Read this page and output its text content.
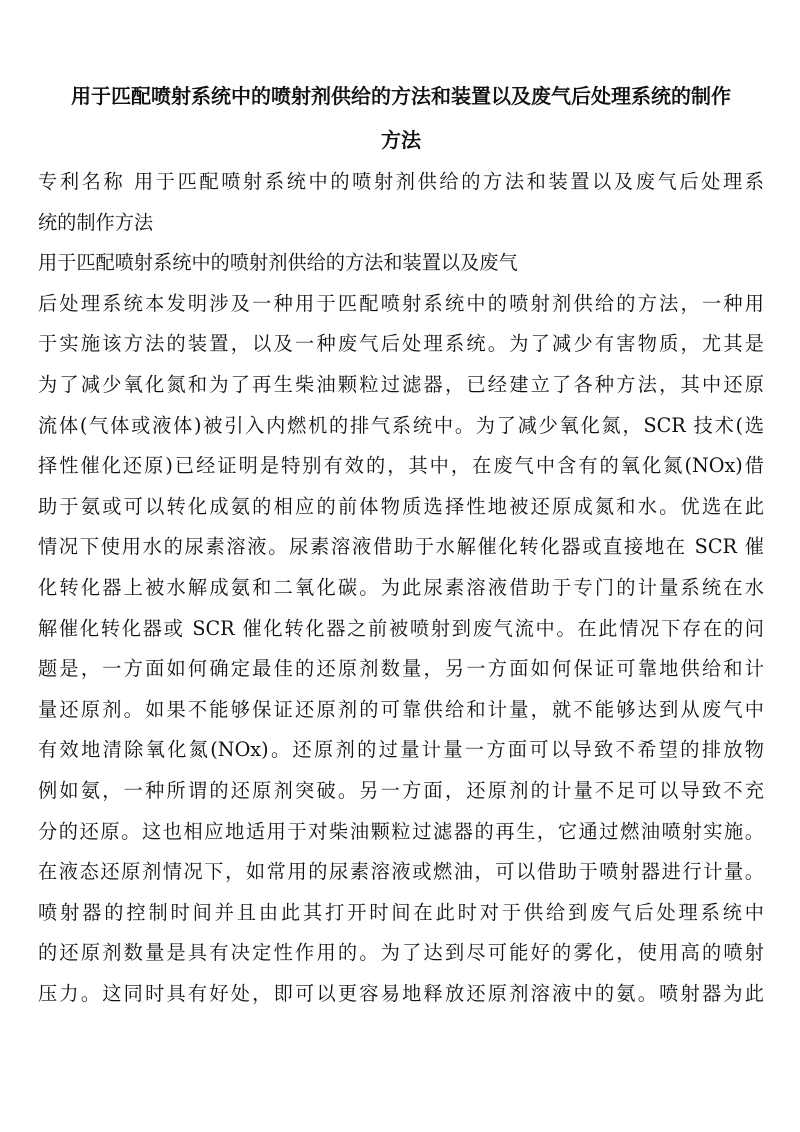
用于匹配喷射系统中的喷射剂供给的方法和装置以及废气后处理系统的制作

方法

专利名称 用于匹配喷射系统中的喷射剂供给的方法和装置以及废气后处理系

统的制作方法

用于匹配喷射系统中的喷射剂供给的方法和装置以及废气

后处理系统本发明涉及一种用于匹配喷射系统中的喷射剂供给的方法，一种用

于实施该方法的装置，以及一种废气后处理系统。为了减少有害物质，尤其是

为了减少氧化氮和为了再生柴油颗粒过滤器，已经建立了各种方法，其中还原

流体(气体或液体)被引入内燃机的排气系统中。为了减少氧化氮，SCR 技术(选

择性催化还原)已经证明是特别有效的，其中，在废气中含有的氧化氮(NOx)借

助于氨或可以转化成氨的相应的前体物质选择性地被还原成氮和水。优选在此

情况下使用水的尿素溶液。尿素溶液借助于水解催化转化器或直接地在 SCR 催

化转化器上被水解成氨和二氧化碳。为此尿素溶液借助于专门的计量系统在水

解催化转化器或 SCR 催化转化器之前被喷射到废气流中。在此情况下存在的问

题是，一方面如何确定最佳的还原剂数量，另一方面如何保证可靠地供给和计

量还原剂。如果不能够保证还原剂的可靠供给和计量，就不能够达到从废气中

有效地清除氧化氮(NOx)。还原剂的过量计量一方面可以导致不希望的排放物

例如氨，一种所谓的还原剂突破。另一方面，还原剂的计量不足可以导致不充

分的还原。这也相应地适用于对柴油颗粒过滤器的再生，它通过燃油喷射实施。

在液态还原剂情况下，如常用的尿素溶液或燃油，可以借助于喷射器进行计量。

喷射器的控制时间并且由此其打开时间在此时对于供给到废气后处理系统中

的还原剂数量是具有决定性作用的。为了达到尽可能好的雾化，使用高的喷射

压力。这同时具有好处，即可以更容易地释放还原剂溶液中的氨。喷射器为此
